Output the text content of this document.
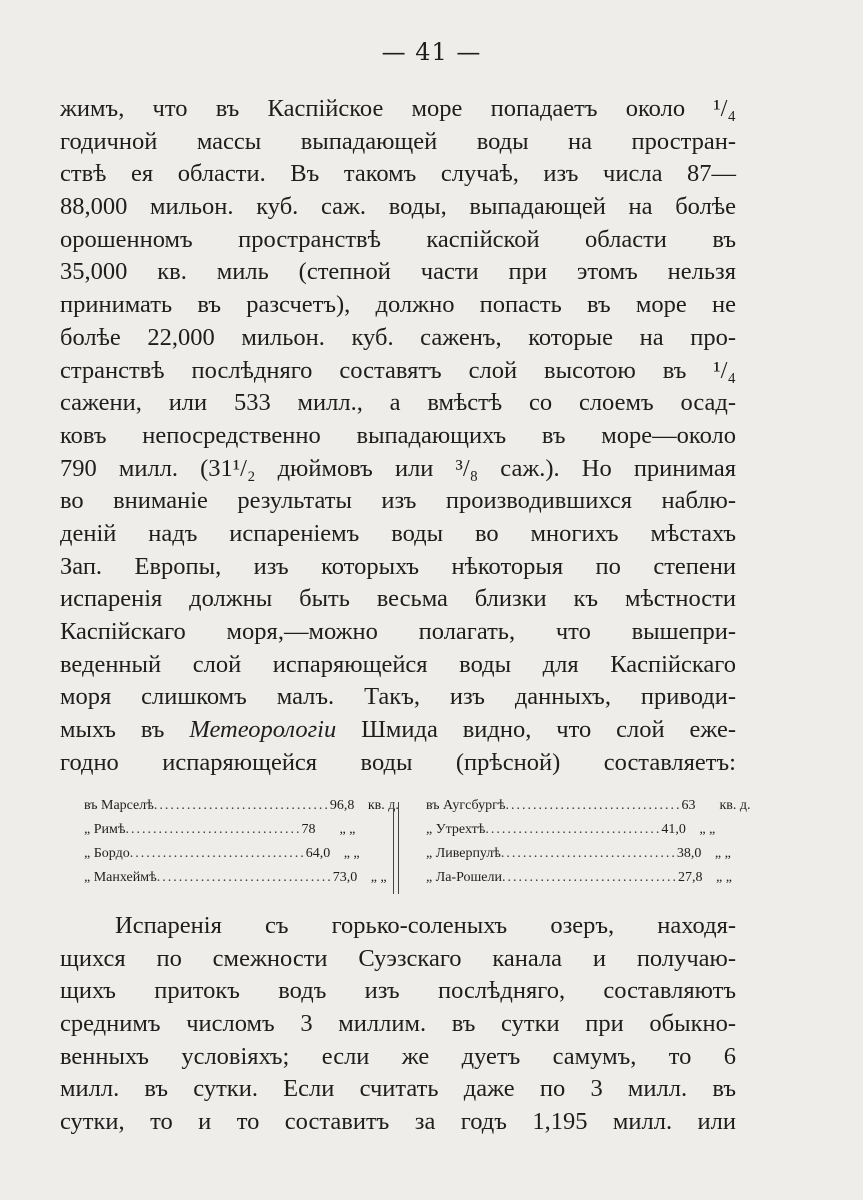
— 41 —
жимъ, что въ Каспійское море попадаетъ около ¹/₄
годичной массы выпадающей воды на простран-
ствѣ ея области. Въ такомъ случаѣ, изъ числа 87—
88,000 мильон. куб. саж. воды, выпадающей на болѣе
орошенномъ пространствѣ каспійской области въ
35,000 кв. миль (степной части при этомъ нельзя
принимать въ разсчетъ), должно попасть въ море не
болѣе 22,000 мильон. куб. саженъ, которые на про-
странствѣ послѣдняго составятъ слой высотою въ ¹/₄
сажени, или 533 милл., а вмѣстѣ со слоемъ осад-
ковъ непосредственно выпадающихъ въ море—около
790 милл. (31¹/₂ дюймовъ или ³/₈ саж.). Но принимая
во вниманіе результаты изъ производившихся наблю-
деній надъ испареніемъ воды во многихъ мѣстахъ
Зап. Европы, изъ которыхъ нѣкоторыя по степени
испаренія должны быть весьма близки къ мѣстности
Каспійскаго моря,—можно полагать, что вышепри-
веденный слой испаряющейся воды для Каспійскаго
моря слишкомъ малъ. Такъ, изъ данныхъ, приводи-
мыхъ въ Метеорологіи Шмида видно, что слой еже-
годно испаряющейся воды (прѣсной) составляетъ:
въ Марселѣ ................................ 96,8 кв. д.
„ Римѣ ................................ 78	„ „
„ Бордо ................................ 64,0 „ „
„ Манхеймѣ ................................ 73,0 „ „
въ Аугсбургѣ ................................ 63	кв. д.
„ Утрехтѣ ................................ 41,0 „ „
„ Ливерпулѣ ................................ 38,0 „ „
„ Ла-Рошели ................................ 27,8 „ „
Испаренія съ горько-соленыхъ озеръ, находя-
щихся по смежности Суэзскаго канала и получаю-
щихъ притокъ водъ изъ послѣдняго, составляютъ
среднимъ числомъ 3 миллим. въ сутки при обыкно-
венныхъ условіяхъ; если же дуетъ самумъ, то 6
милл. въ сутки. Если считать даже по 3 милл. въ
сутки, то и то составитъ за годъ 1,195 милл. или
